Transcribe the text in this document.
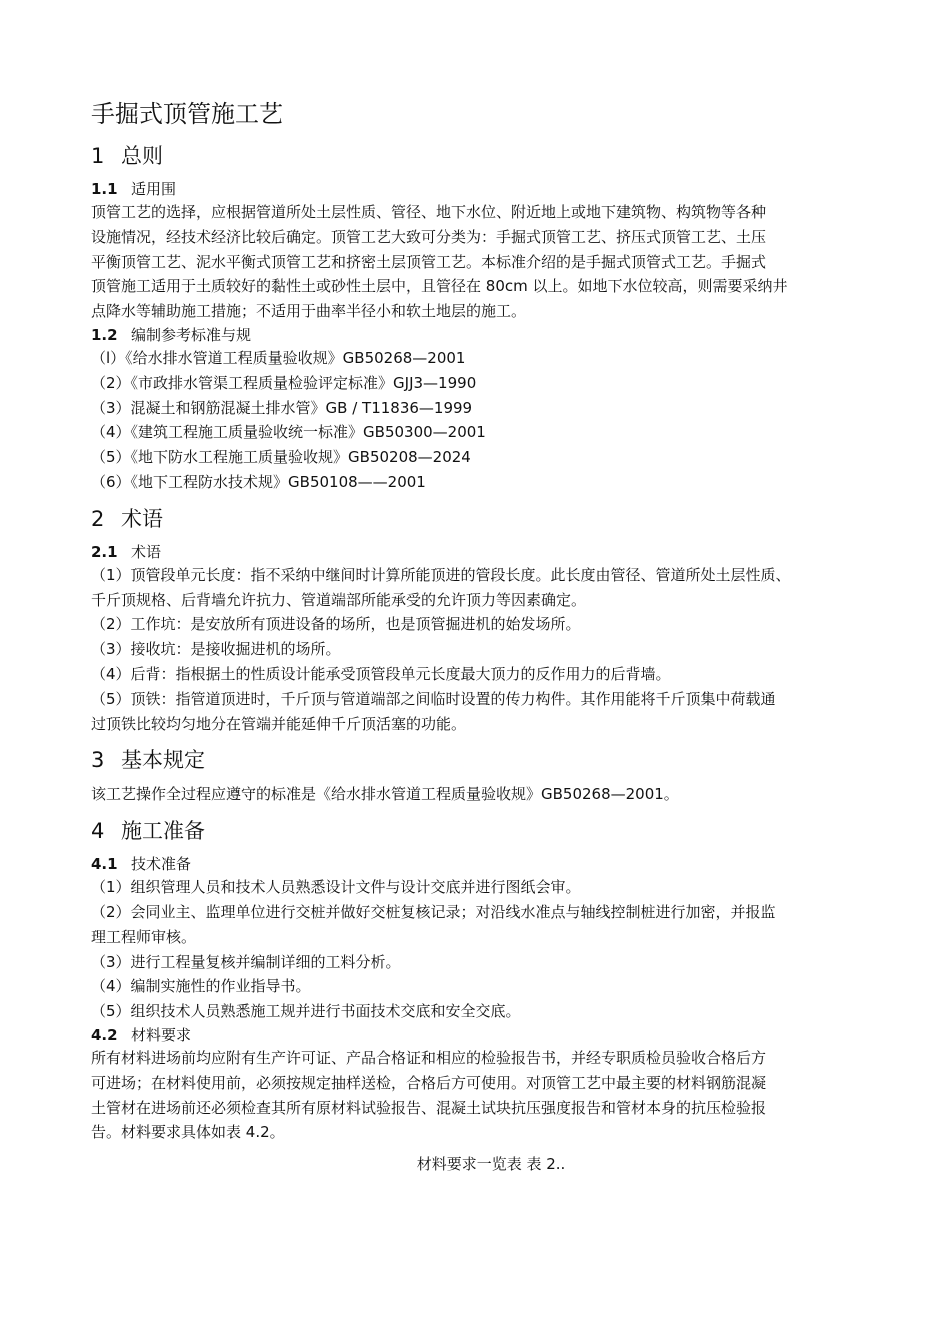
手掘式顶管施工艺
1 总则
1.1 适用围
顶管工艺的选择，应根据管道所处土层性质、管径、地下水位、附近地上或地下建筑物、构筑物等各种
设施情况，经技术经济比较后确定。顶管工艺大致可分类为：手掘式顶管工艺、挤压式顶管工艺、土压
平衡顶管工艺、泥水平衡式顶管工艺和挤密土层顶管工艺。本标准介绍的是手掘式顶管式工艺。手掘式
顶管施工适用于土质较好的黏性土或砂性土层中，且管径在 80cm 以上。如地下水位较高，则需要采纳井
点降水等辅助施工措施；不适用于曲率半径小和软土地层的施工。
1.2 编制参考标准与规
（l）《给水排水管道工程质量验收规》GB50268—2001
（2）《市政排水管渠工程质量检验评定标准》GJJ3—1990
（3）混凝土和钢筋混凝土排水管》GB / T11836—1999
（4）《建筑工程施工质量验收统一标准》GB50300—2001
（5）《地下防水工程施工质量验收规》GB50208—2024
（6）《地下工程防水技术规》GB50108——2001
2 术语
2.1 术语
（1）顶管段单元长度：指不采纳中继间时计算所能顶进的管段长度。此长度由管径、管道所处土层性质、
千斤顶规格、后背墙允许抗力、管道端部所能承受的允许顶力等因素确定。
（2）工作坑：是安放所有顶进设备的场所，也是顶管掘进机的始发场所。
（3）接收坑：是接收掘进机的场所。
（4）后背：指根据土的性质设计能承受顶管段单元长度最大顶力的反作用力的后背墙。
（5）顶铁：指管道顶进时，千斤顶与管道端部之间临时设置的传力构件。其作用能将千斤顶集中荷载通
过顶铁比较均匀地分在管端并能延伸千斤顶活塞的功能。
3 基本规定
该工艺操作全过程应遵守的标准是《给水排水管道工程质量验收规》GB50268—2001。
4 施工准备
4.1 技术准备
（1）组织管理人员和技术人员熟悉设计文件与设计交底并进行图纸会审。
（2）会同业主、监理单位进行交桩并做好交桩复核记录；对沿线水准点与轴线控制桩进行加密，并报监
理工程师审核。
（3）进行工程量复核并编制详细的工料分析。
（4）编制实施性的作业指导书。
（5）组织技术人员熟悉施工规并进行书面技术交底和安全交底。
4.2 材料要求
所有材料进场前均应附有生产许可证、产品合格证和相应的检验报告书，并经专职质检员验收合格后方
可进场；在材料使用前，必须按规定抽样送检，合格后方可使用。对顶管工艺中最主要的材料钢筋混凝
土管材在进场前还必须检查其所有原材料试验报告、混凝土试块抗压强度报告和管材本身的抗压检验报
告。材料要求具体如表 4.2。
材料要求一览表 表 2..
